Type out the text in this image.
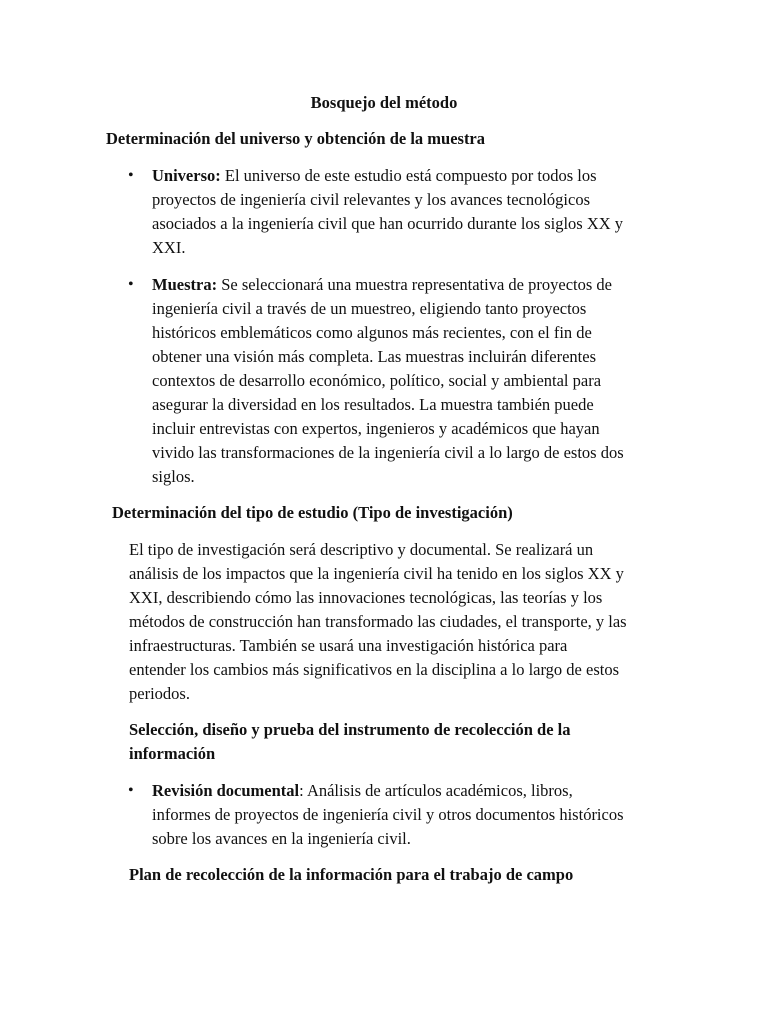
Bosquejo del método

Determinación del universo y obtención de la muestra

• Universo: El universo de este estudio está compuesto por todos los

proyectos de ingeniería civil relevantes y los avances tecnológicos

asociados a la ingeniería civil que han ocurrido durante los siglos XX y

XXI.

• Muestra: Se seleccionará una muestra representativa de proyectos de

ingeniería civil a través de un muestreo, eligiendo tanto proyectos

históricos emblemáticos como algunos más recientes, con el fin de

obtener una visión más completa. Las muestras incluirán diferentes

contextos de desarrollo económico, político, social y ambiental para

asegurar la diversidad en los resultados. La muestra también puede

incluir entrevistas con expertos, ingenieros y académicos que hayan

vivido las transformaciones de la ingeniería civil a lo largo de estos dos

siglos.

Determinación del tipo de estudio (Tipo de investigación)

El tipo de investigación será descriptivo y documental. Se realizará un

análisis de los impactos que la ingeniería civil ha tenido en los siglos XX y

XXI, describiendo cómo las innovaciones tecnológicas, las teorías y los

métodos de construcción han transformado las ciudades, el transporte, y las

infraestructuras. También se usará una investigación histórica para

entender los cambios más significativos en la disciplina a lo largo de estos

periodos.

Selección, diseño y prueba del instrumento de recolección de la

información

• Revisión documental: Análisis de artículos académicos, libros,

informes de proyectos de ingeniería civil y otros documentos históricos

sobre los avances en la ingeniería civil.

Plan de recolección de la información para el trabajo de campo
